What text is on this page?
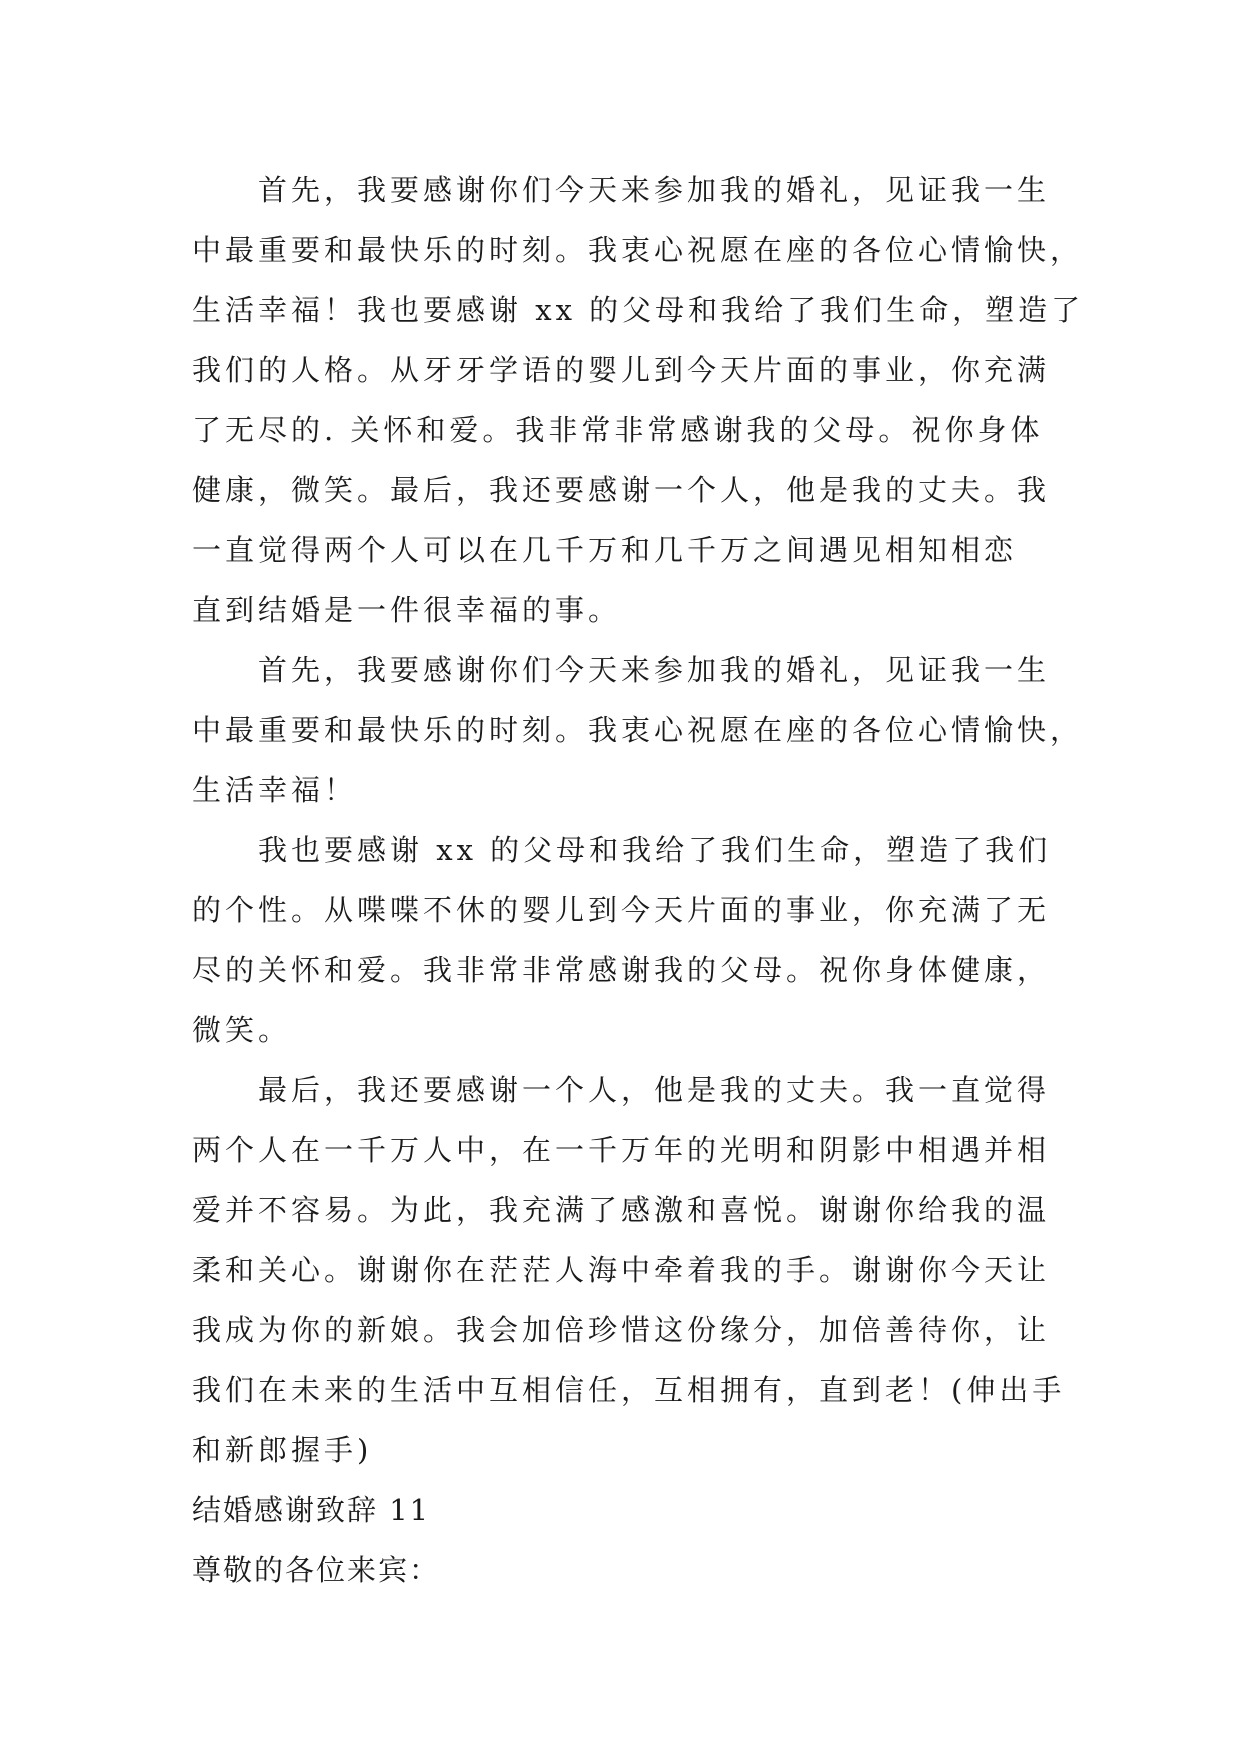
首先，我要感谢你们今天来参加我的婚礼，见证我一生
中最重要和最快乐的时刻。我衷心祝愿在座的各位心情愉快，
生活幸福！我也要感谢 xx 的父母和我给了我们生命，塑造了
我们的人格。从牙牙学语的婴儿到今天片面的事业，你充满
了无尽的. 关怀和爱。我非常非常感谢我的父母。祝你身体
健康，微笑。最后，我还要感谢一个人，他是我的丈夫。我
一直觉得两个人可以在几千万和几千万之间遇见相知相恋
直到结婚是一件很幸福的事。
首先，我要感谢你们今天来参加我的婚礼，见证我一生
中最重要和最快乐的时刻。我衷心祝愿在座的各位心情愉快，
生活幸福！
我也要感谢 xx 的父母和我给了我们生命，塑造了我们
的个性。从喋喋不休的婴儿到今天片面的事业，你充满了无
尽的关怀和爱。我非常非常感谢我的父母。祝你身体健康，
微笑。
最后，我还要感谢一个人，他是我的丈夫。我一直觉得
两个人在一千万人中，在一千万年的光明和阴影中相遇并相
爱并不容易。为此，我充满了感激和喜悦。谢谢你给我的温
柔和关心。谢谢你在茫茫人海中牵着我的手。谢谢你今天让
我成为你的新娘。我会加倍珍惜这份缘分，加倍善待你，让
我们在未来的生活中互相信任，互相拥有，直到老！(伸出手
和新郎握手)
结婚感谢致辞 11
尊敬的各位来宾：
